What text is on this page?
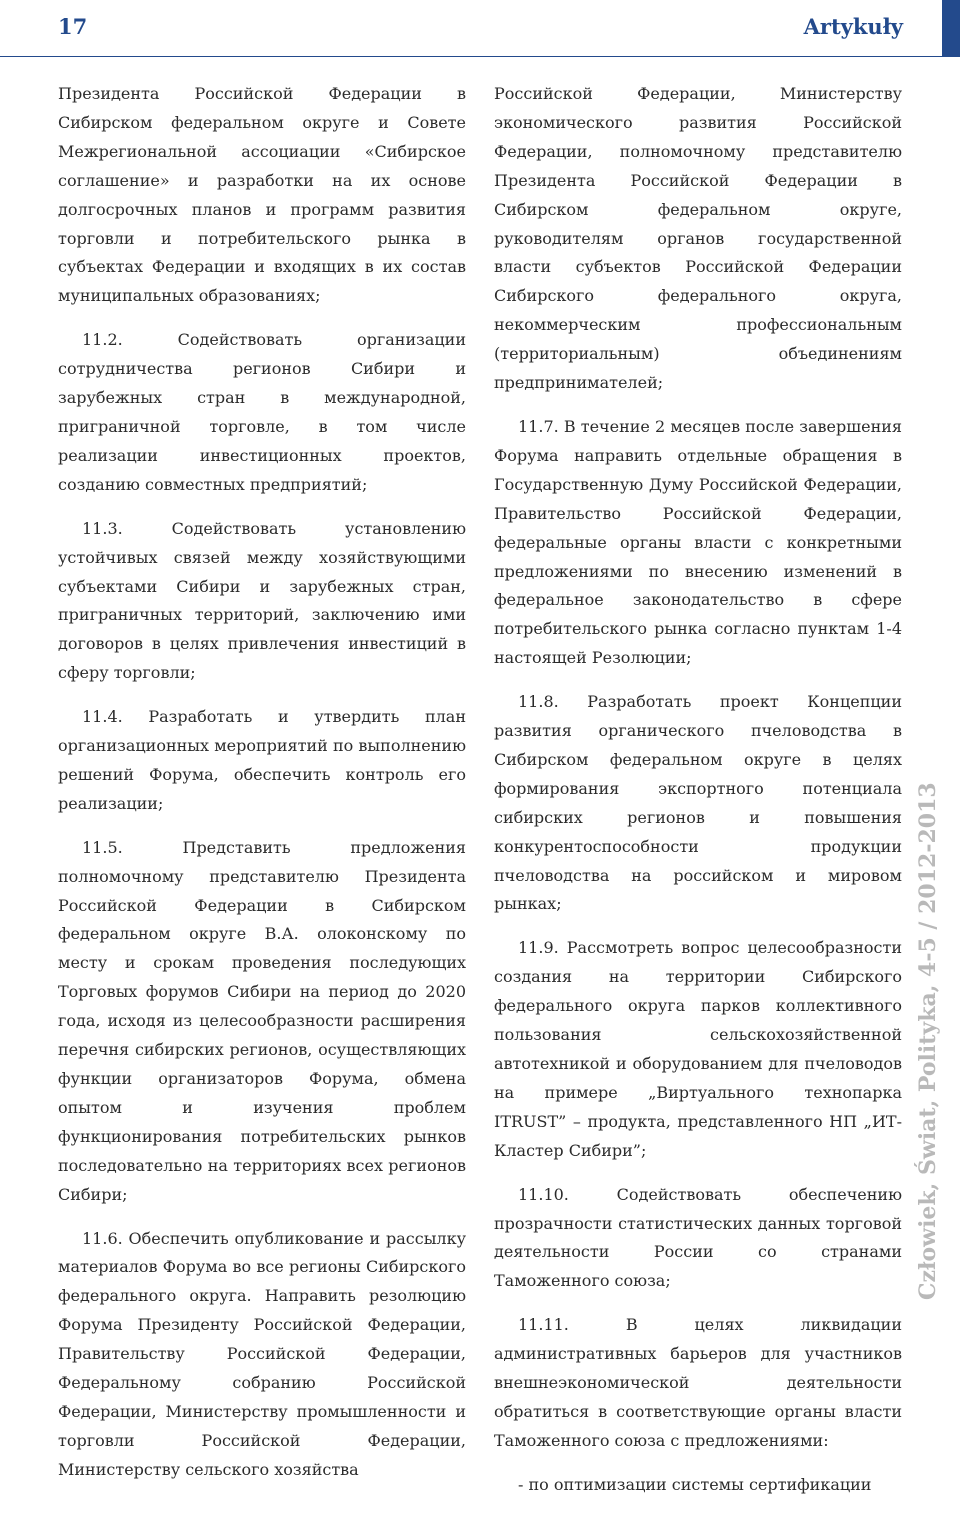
17	Artykuły

Президента Российской Федерации в Сибирском федеральном округе и Совете Межрегиональной ассоциации «Сибирское соглашение» и разработки на их основе долгосрочных планов и программ развития торговли и потребительского рынка в субъектах Федерации и входящих в их состав муниципальных образованиях;

11.2. Содействовать организации сотрудничества регионов Сибири и зарубежных стран в международной, приграничной торговле, в том числе реализации инвестиционных проектов, созданию совместных предприятий;

11.3. Содействовать установлению устойчивых связей между хозяйствующими субъектами Сибири и зарубежных стран, приграничных территорий, заключению ими договоров в целях привлечения инвестиций в сферу торговли;

11.4. Разработать и утвердить план организационных мероприятий по выполнению решений Форума, обеспечить контроль его реализации;

11.5. Представить предложения полномочному представителю Президента Российской Федерации в Сибирском федеральном округе В.А. олоконскому по месту и срокам проведения последующих Торговых форумов Сибири на период до 2020 года, исходя из целесообразности расширения перечня сибирских регионов, осуществляющих функции организаторов Форума, обмена опытом и изучения проблем функционирования потребительских рынков последовательно на территориях всех регионов Сибири;

11.6. Обеспечить опубликование и рассылку материалов Форума во все регионы Сибирского федерального округа. Направить резолюцию Форума Президенту Российской Федерации, Правительству Российской Федерации, Федеральному собранию Российской Федерации, Министерству промышленности и торговли Российской Федерации, Министерству сельского хозяйства

Российской Федерации, Министерству экономического развития Российской Федерации, полномочному представителю Президента Российской Федерации в Сибирском федеральном округе, руководителям органов государственной власти субъектов Российской Федерации Сибирского федерального округа, некоммерческим профессиональным (территориальным) объединениям предпринимателей;

11.7. В течение 2 месяцев после завершения Форума направить отдельные обращения в Государственную Думу Российской Федерации, Правительство Российской Федерации, федеральные органы власти с конкретными предложениями по внесению изменений в федеральное законодательство в сфере потребительского рынка согласно пунктам 1-4 настоящей Резолюции;

11.8. Разработать проект Концепции развития органического пчеловодства в Сибирском федеральном округе в целях формирования экспортного потенциала сибирских регионов и повышения конкурентоспособности продукции пчеловодства на российском и мировом рынках;

11.9. Рассмотреть вопрос целесообразности создания на территории Сибирского федерального округа парков коллективного пользования сельскохозяйственной автотехникой и оборудованием для пчеловодов на примере „Виртуального технопарка ITRUST” – продукта, представленного НП „ИТ-Кластер Сибири”;

11.10. Содействовать обеспечению прозрачности статистических данных торговой деятельности России со странами Таможенного союза;

11.11. В целях ликвидации административных барьеров для участников внешнеэкономической деятельности обратиться в соответствующие органы власти Таможенного союза с предложениями:

- по оптимизации системы сертификации

Człowiek, Świat, Polityka, 4-5 / 2012-2013
